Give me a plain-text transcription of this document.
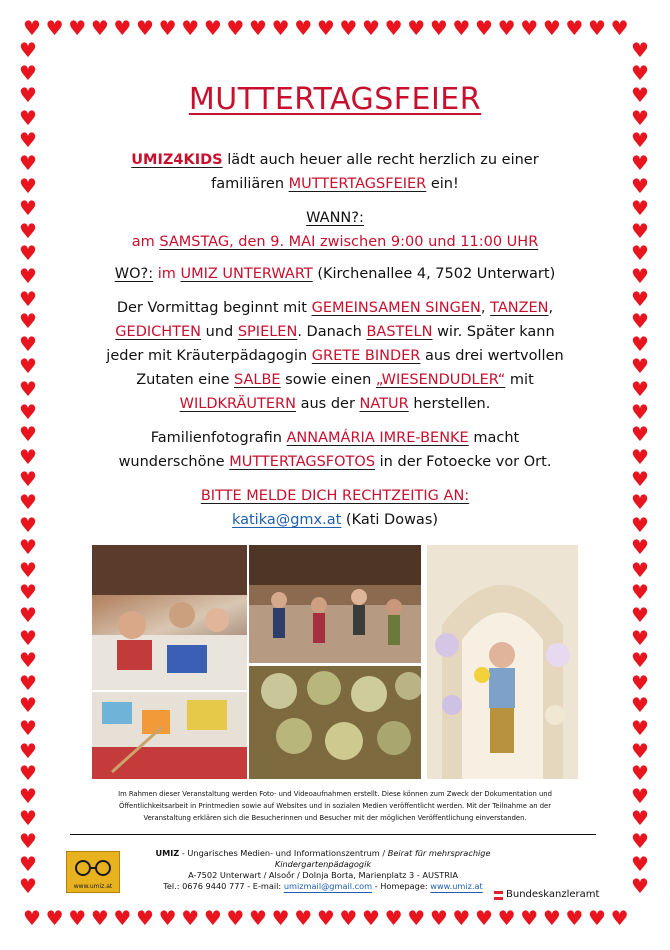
♥
♥
♥
♥
♥
♥
♥
♥
♥
♥
♥
♥
♥
♥
♥
♥
♥
♥
♥
♥
♥
♥
♥
♥
♥
♥
♥
♥
♥
♥
♥
♥
♥
♥
♥
♥
♥
♥
♥
♥
♥
♥
♥
♥
♥
♥
♥
♥
♥
♥
♥
♥
♥
♥
♥	♥
♥	♥
♥	♥
♥	♥
♥	♥
♥	♥
♥	♥
♥	♥
♥	♥
♥	♥
♥	♥
♥	♥
♥	♥
♥	♥
♥	♥
♥	♥
♥	♥
♥	♥
♥	♥
♥	♥
♥	♥
♥	♥
♥	♥
♥	♥
♥	♥
♥	♥
♥	♥
♥	♥
♥	♥
♥	♥
♥	♥
♥	♥
♥	♥
♥	♥
♥	♥
♥	♥
♥	♥
♥	♥
MUTTERTAGSFEIER
UMIZ4KIDS lädt auch heuer alle recht herzlich zu einer
familiären MUTTERTAGSFEIER ein!
WANN?:
am SAMSTAG, den 9. MAI zwischen 9:00 und 11:00 UHR
WO?: im UMIZ UNTERWART (Kirchenallee 4, 7502 Unterwart)
Der Vormittag beginnt mit GEMEINSAMEN SINGEN, TANZEN,
GEDICHTEN und SPIELEN. Danach BASTELN wir. Später kann
jeder mit Kräuterpädagogin GRETE BINDER aus drei wertvollen
Zutaten eine SALBE sowie einen „WIESENDUDLER“ mit
WILDKRÄUTERN aus der NATUR herstellen.
Familienfotografin ANNAMÁRIA IMRE-BENKE macht
wunderschöne MUTTERTAGSFOTOS in der Fotoecke vor Ort.
BITTE MELDE DICH RECHTZEITIG AN:
katika@gmx.at (Kati Dowas)
Im Rahmen dieser Veranstaltung werden Foto- und Videoaufnahmen erstellt. Diese können zum Zweck der Dokumentation und
Öffentlichkeitsarbeit in Printmedien sowie auf Websites und in sozialen Medien veröffentlicht werden. Mit der Teilnahme an der
Veranstaltung erklären sich die Besucherinnen und Besucher mit der möglichen Veröffentlichung einverstanden.
www.umiz.at
UMIZ - Ungarisches Medien- und Informationszentrum / Beirat für mehrsprachige Kindergartenpädagogik
A-7502 Unterwart / Alsoőr / Dolnja Borta, Marienplatz 3 - AUSTRIA
Tel.: 0676 9440 777 - E-mail: umizmail@gmail.com - Homepage: www.umiz.at
Bundeskanzleramt
